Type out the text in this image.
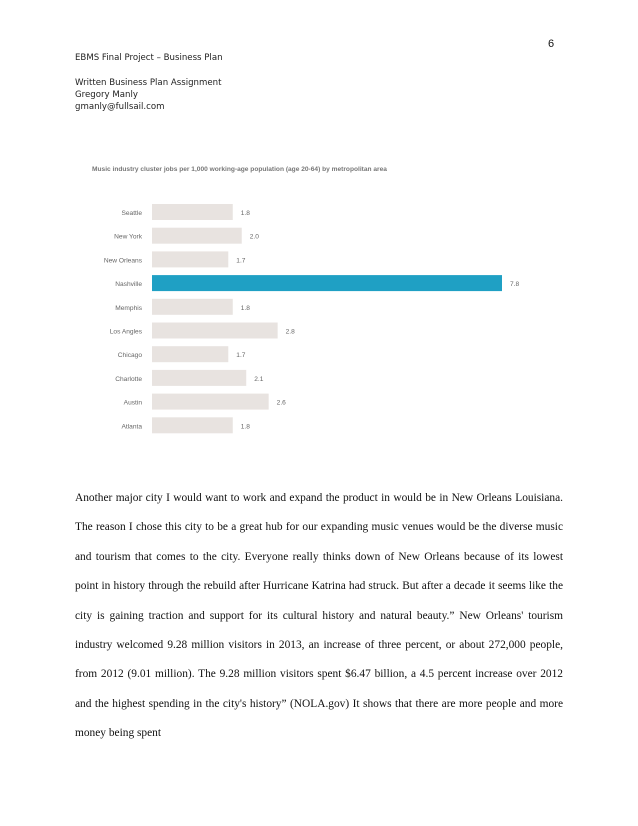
6
EBMS Final Project – Business Plan
Written Business Plan Assignment
Gregory Manly
gmanly@fullsail.com
Music industry cluster jobs per 1,000 working-age population (age 20-64) by metropolitan area
Seattle	1.8
New York	2.0
New Orleans	1.7
Nashville	7.8
Memphis	1.8
Los Angles	2.8
Chicago	1.7
Charlotte	2.1
Austin	2.6
Atlanta	1.8

Another major city I would want to work and expand the product in would be in New Orleans Louisiana. The reason I chose this city to be a great hub for our expanding music venues would be the diverse music and tourism that comes to the city. Everyone really thinks down of New Orleans because of its lowest point in history through the rebuild after Hurricane Katrina had struck. But after a decade it seems like the city is gaining traction and support for its cultural history and natural beauty.” New Orleans' tourism industry welcomed 9.28 million visitors in 2013, an increase of three percent, or about 272,000 people, from 2012 (9.01 million). The 9.28 million visitors spent $6.47 billion, a 4.5 percent increase over 2012 and the highest spending in the city's history” (NOLA.gov) It shows that there are more people and more money being spent
